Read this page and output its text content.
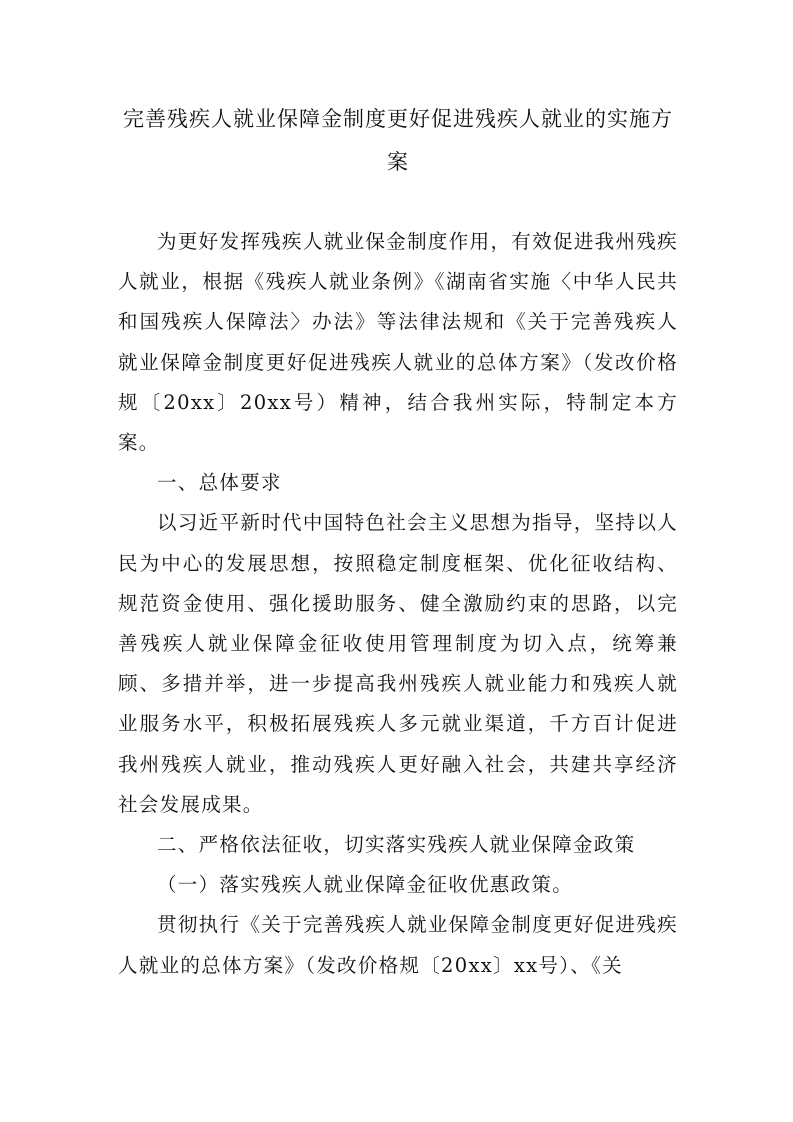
完善残疾人就业保障金制度更好促进残疾人就业的实施方案

为更好发挥残疾人就业保金制度作用，有效促进我州残疾人就业，根据《残疾人就业条例》《湖南省实施〈中华人民共和国残疾人保障法〉办法》等法律法规和《关于完善残疾人就业保障金制度更好促进残疾人就业的总体方案》（发改价格规〔20xx〕20xx号）精神，结合我州实际，特制定本方案。

一、总体要求

以习近平新时代中国特色社会主义思想为指导，坚持以人民为中心的发展思想，按照稳定制度框架、优化征收结构、规范资金使用、强化援助服务、健全激励约束的思路，以完善残疾人就业保障金征收使用管理制度为切入点，统筹兼顾、多措并举，进一步提高我州残疾人就业能力和残疾人就业服务水平，积极拓展残疾人多元就业渠道，千方百计促进我州残疾人就业，推动残疾人更好融入社会，共建共享经济社会发展成果。

二、严格依法征收，切实落实残疾人就业保障金政策

（一）落实残疾人就业保障金征收优惠政策。

贯彻执行《关于完善残疾人就业保障金制度更好促进残疾人就业的总体方案》（发改价格规〔20xx〕xx号）、《关
